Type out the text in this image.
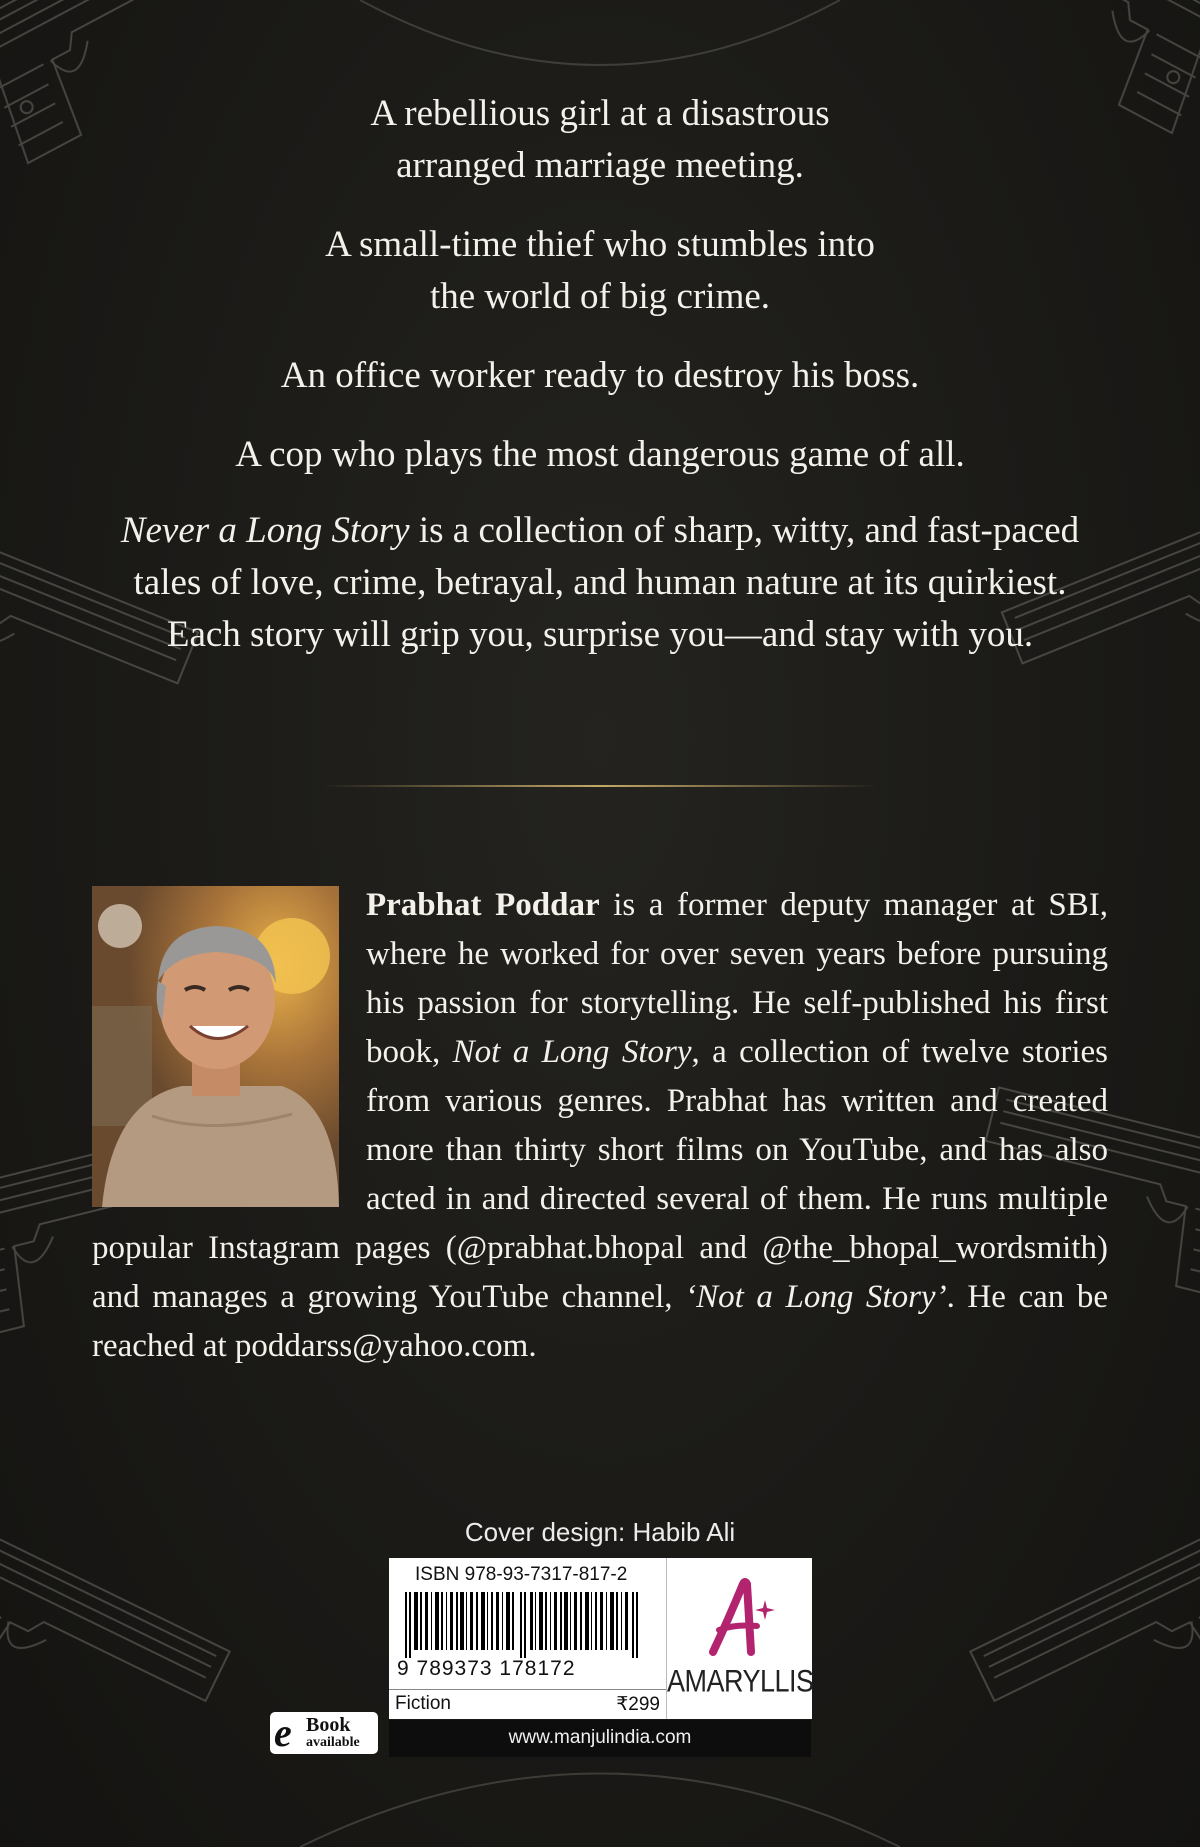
A rebellious girl at a disastrous

arranged marriage meeting.

A small-time thief who stumbles into

the world of big crime.

An office worker ready to destroy his boss.

A cop who plays the most dangerous game of all.

Never a Long Story is a collection of sharp, witty, and fast-paced tales of love, crime, betrayal, and human nature at its quirkiest. Each story will grip you, surprise you—and stay with you.

Prabhat Poddar is a former deputy manager at SBI, where he worked for over seven years before pursuing his passion for storytelling. He self-published his first book, Not a Long Story, a collection of twelve stories from various genres. Prabhat has written and created more than thirty short films on YouTube, and has also acted in and directed several of them. He runs multiple popular Instagram pages (@prabhat.bhopal and @the_bhopal_wordsmith) and manages a growing YouTube channel, ‘Not a Long Story’. He can be reached at poddarss@yahoo.com.
Cover design: Habib Ali
ISBN 978-93-7317-817-2
9 789373 178172
Fiction	₹299
AMARYLLIS
www.manjulindia.com
e Book
available
